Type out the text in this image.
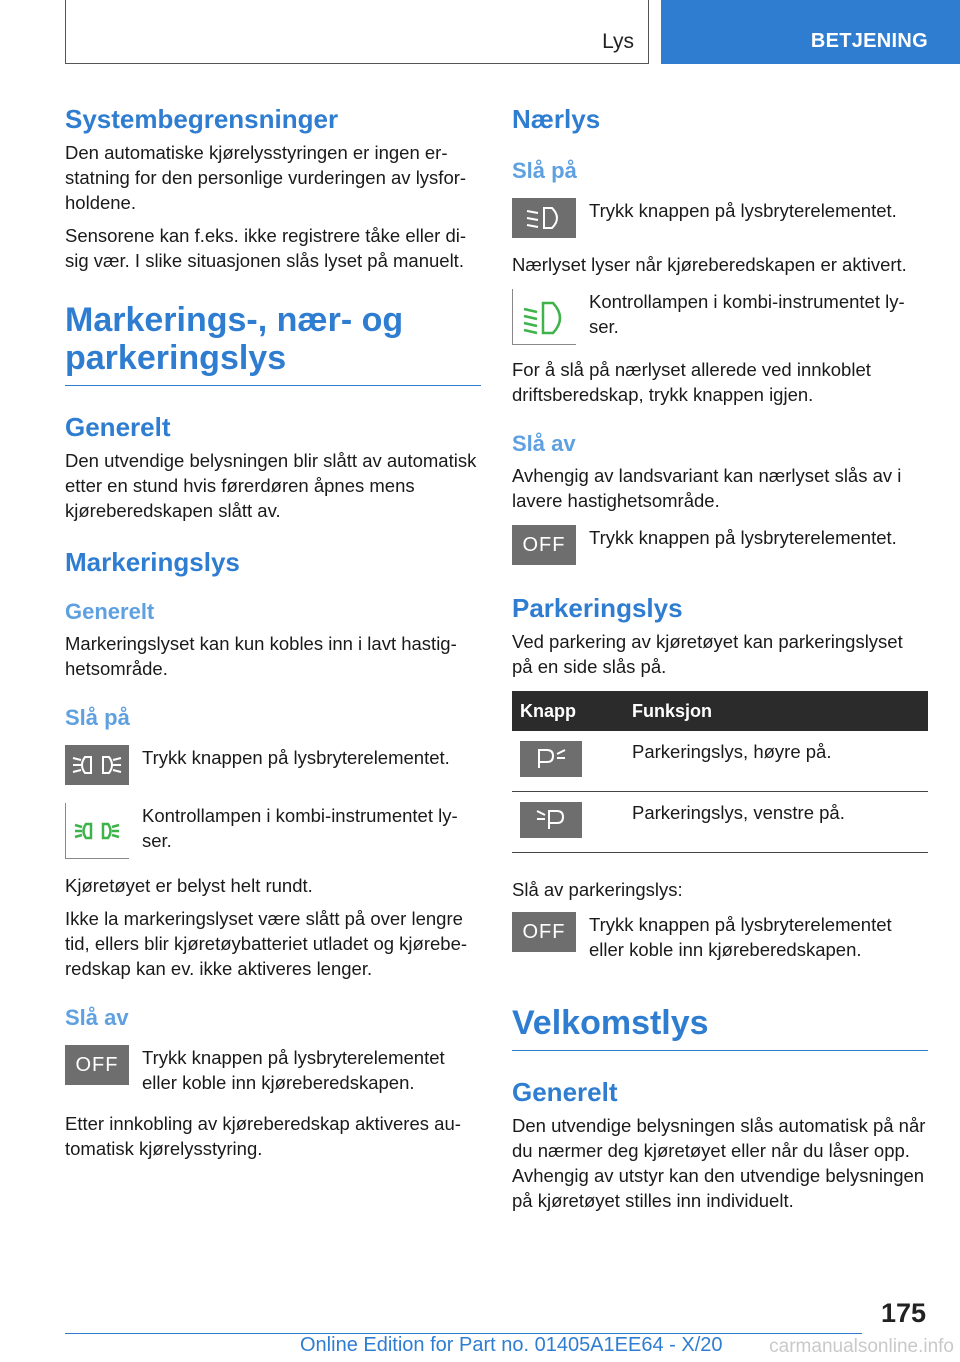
Lys	BETJENING
Systembegrensninger

Den automatiske kjørelysstyringen er ingen erstatning for den personlige vurderingen av lysforholdene.

Sensorene kan f.eks. ikke registrere tåke eller disig vær. I slike situasjonen slås lyset på manuelt.

Markerings-, nær- og parkeringslys
Generelt

Den utvendige belysningen blir slått av automatisk etter en stund hvis førerdøren åpnes mens kjøreberedskapen slått av.

Markeringslys
Generelt

Markeringslyset kan kun kobles inn i lavt hastighetsområde.

Slå på

Trykk knappen på lysbryterelementet.

Kontrollampen i kombi-instrumentet lyser.

Kjøretøyet er belyst helt rundt.

Ikke la markeringslyset være slått på over lengre tid, ellers blir kjøretøybatteriet utladet og kjøreberedskap kan ev. ikke aktiveres lenger.

Slå av
OFF Trykk knappen på lysbryterelementet eller koble inn kjøreberedskapen.

Etter innkobling av kjøreberedskap aktiveres automatisk kjørelysstyring.

Nærlys
Slå på

Trykk knappen på lysbryterelementet.

Nærlyset lyser når kjøreberedskapen er aktivert.

Kontrollampen i kombi-instrumentet lyser.

For å slå på nærlyset allerede ved innkoblet driftsberedskap, trykk knappen igjen.

Slå av

Avhengig av landsvariant kan nærlyset slås av i lavere hastighetsområde.

OFF Trykk knappen på lysbryterelementet.

Parkeringslys

Ved parkering av kjøretøyet kan parkeringslyset på en side slås på.

Knapp	Funksjon

	Parkeringslys, høyre på.

	Parkeringslys, venstre på.

Slå av parkeringslys:

OFF Trykk knappen på lysbryterelementet eller koble inn kjøreberedskapen.

Velkomstlys
Generelt

Den utvendige belysningen slås automatisk på når du nærmer deg kjøretøyet eller når du låser opp. Avhengig av utstyr kan den utvendige belysningen på kjøretøyet stilles inn individuelt.

175
Online Edition for Part no. 01405A1EE64 - X/20 carmanualsonline.info
